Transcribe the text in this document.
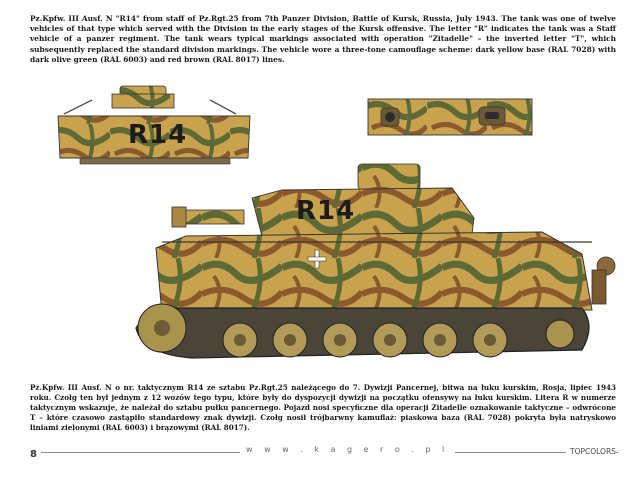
Pz.Kpfw. III Ausf. N "R14" from staff of Pz.Rgt.25 from 7th Panzer Division, Battle of Kursk, Russia, July 1943. The tank was one of twelve vehicles of that type which served with the Division in the early stages of the Kursk offensive. The letter "R" indicates the tank was a Staff vehicle of a panzer regiment. The tank wears typical markings associated with operation "Zitadelle" – the inverted letter "T", which subsequently replaced the standard division markings. The vehicle wore a three-tone camouflage scheme: dark yellow base (RAL 7028) with dark olive green (RAL 6003) and red brown (RAL 8017) lines.

R14
R14

Pz.Kpfw. III Ausf. N o nr. taktycznym R14 ze sztabu Pz.Rgt.25 należącego do 7. Dywizji Pancernej, bitwa na łuku kurskim, Rosja, lipiec 1943 roku. Czołg ten był jednym z 12 wozów tego typu, które były do dyspozycji dywizji na początku ofensywy na łuku kurskim. Litera R w numerze taktycznym wskazuje, że należał do sztabu pułku pancernego. Pojazd nosi specyficzne dla operacji Zitadelle oznakowanie taktyczne – odwrócone T – które czasowo zastąpiło standardowy znak dywizji. Czołg nosił trójbarwny kamuflaż: piaskowa baza (RAL 7028) pokryta była natryskowo liniami zielonymi (RAL 6003) i brązowymi (RAL 8017).

8	w w w . k a g e r o . p l	TOPCOLORS
